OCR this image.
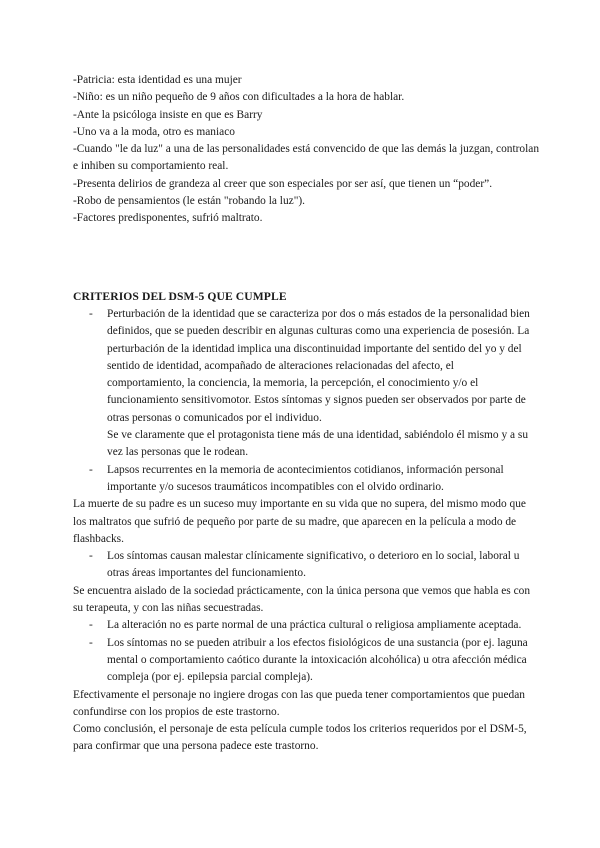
-Patricia: esta identidad es una mujer

-Niño: es un niño pequeño de 9 años con dificultades a la hora de hablar.

-Ante la psicóloga insiste en que es Barry

-Uno va a la moda, otro es maniaco

-Cuando "le da luz" a una de las personalidades está convencido de que las demás la juzgan, controlan e inhiben su comportamiento real.

-Presenta delirios de grandeza al creer que son especiales por ser así, que tienen un “poder”.

-Robo de pensamientos (le están "robando la luz").

-Factores predisponentes, sufrió maltrato.

CRITERIOS DEL DSM-5 QUE CUMPLE
- Perturbación de la identidad que se caracteriza por dos o más estados de la personalidad bien definidos, que se pueden describir en algunas culturas como una experiencia de posesión. La perturbación de la identidad implica una discontinuidad importante del sentido del yo y del sentido de identidad, acompañado de alteraciones relacionadas del afecto, el comportamiento, la conciencia, la memoria, la percepción, el conocimiento y/o el funcionamiento sensitivomotor. Estos síntomas y signos pueden ser observados por parte de otras personas o comunicados por el individuo.

Se ve claramente que el protagonista tiene más de una identidad, sabiéndolo él mismo y a su vez las personas que le rodean.

- Lapsos recurrentes en la memoria de acontecimientos cotidianos, información personal importante y/o sucesos traumáticos incompatibles con el olvido ordinario.

La muerte de su padre es un suceso muy importante en su vida que no supera, del mismo modo que los maltratos que sufrió de pequeño por parte de su madre, que aparecen en la película a modo de flashbacks.

- Los síntomas causan malestar clínicamente significativo, o deterioro en lo social, laboral u otras áreas importantes del funcionamiento.

Se encuentra aislado de la sociedad prácticamente, con la única persona que vemos que habla es con su terapeuta, y con las niñas secuestradas.

- La alteración no es parte normal de una práctica cultural o religiosa ampliamente aceptada.

- Los síntomas no se pueden atribuir a los efectos fisiológicos de una sustancia (por ej. laguna mental o comportamiento caótico durante la intoxicación alcohólica) u otra afección médica compleja (por ej. epilepsia parcial compleja).

Efectivamente el personaje no ingiere drogas con las que pueda tener comportamientos que puedan confundirse con los propios de este trastorno.

Como conclusión, el personaje de esta película cumple todos los criterios requeridos por el DSM-5, para confirmar que una persona padece este trastorno.
